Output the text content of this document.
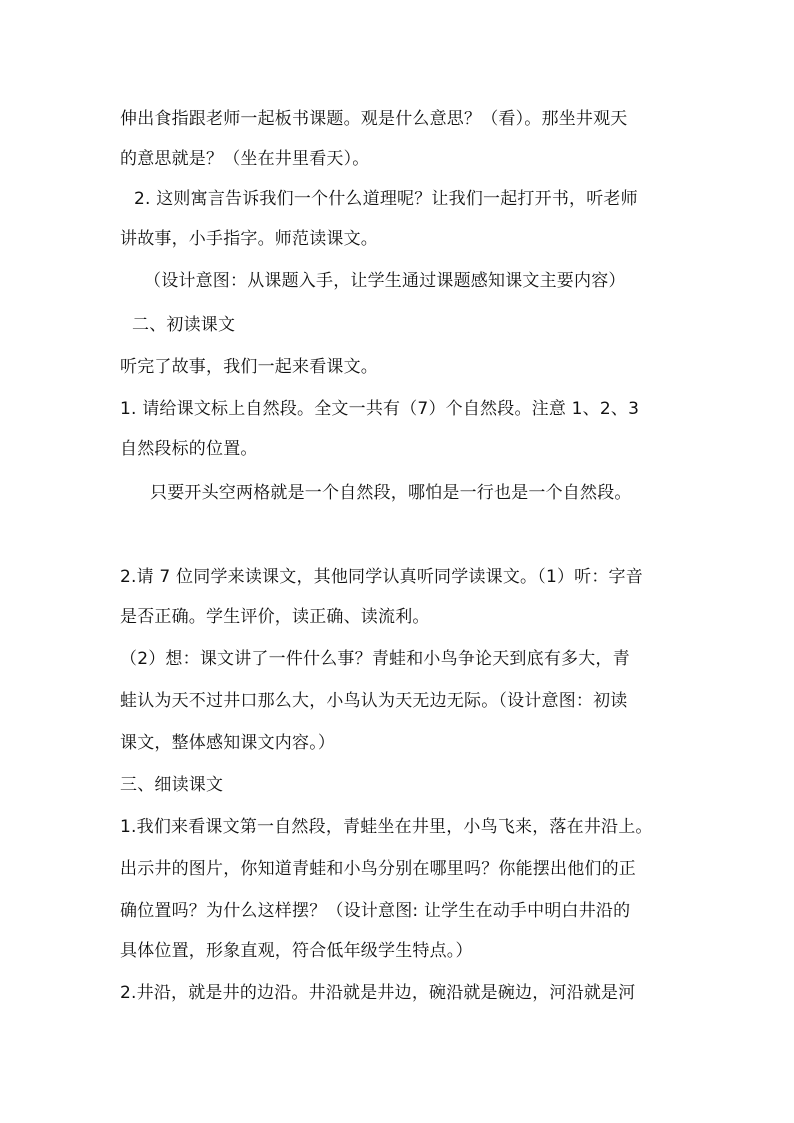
伸出食指跟老师一起板书课题。观是什么意思？（看）。那坐井观天
的意思就是？（坐在井里看天）。
2. 这则寓言告诉我们一个什么道理呢？让我们一起打开书，听老师
讲故事，小手指字。师范读课文。
（设计意图：从课题入手，让学生通过课题感知课文主要内容）
二、初读课文
听完了故事，我们一起来看课文。
1. 请给课文标上自然段。全文一共有（7）个自然段。注意 1、2、3
自然段标的位置。
只要开头空两格就是一个自然段，哪怕是一行也是一个自然段。
2.请 7 位同学来读课文，其他同学认真听同学读课文。（1）听：字音
是否正确。学生评价，读正确、读流利。
（2）想：课文讲了一件什么事？青蛙和小鸟争论天到底有多大，青
蛙认为天不过井口那么大，小鸟认为天无边无际。（设计意图：初读
课文，整体感知课文内容。）
三、细读课文
1.我们来看课文第一自然段，青蛙坐在井里，小鸟飞来，落在井沿上。
出示井的图片，你知道青蛙和小鸟分别在哪里吗？你能摆出他们的正
确位置吗？为什么这样摆？（设计意图: 让学生在动手中明白井沿的
具体位置，形象直观，符合低年级学生特点。）
2.井沿，就是井的边沿。井沿就是井边，碗沿就是碗边，河沿就是河
